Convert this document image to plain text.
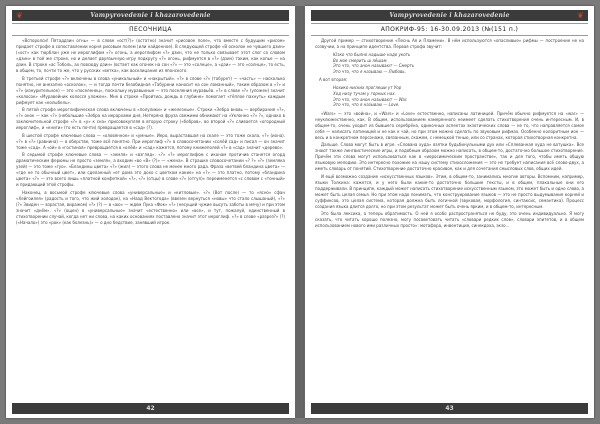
❦	Vampyrovedenie i khazarovedenie
ПЕСОЧНИЦА

«Вспоролси! Пятаддзин огнь» — в слове «ост(?)» (остатно) значит «рисовое поле», что вместе с будущим «рисом» придает строфе в сопоставлении корня рисовым полем (или найденное). В следующей строфе «В осколок не чувшего дзин» («ост» как тюрблан уже не иероглифом «?» огонь, а иероглифом «?» дзин, что не только связывает этот слог со словом «дзин» в той же строке, но и делает двуязычную игру подкругу «?» огонь, рифмуется в «?» (дзин) таким, как копье — на дзин. В строке «ас Тоболь, ах повсюду дзин» (встает как огонек на сон «?» — это «солнце», а «дзи» — это «солнце», то есть, в общем, то, почти то же, что у русских «ветка», как восклицание из японского.

В третьей строфе «?» включены в слова «уникальный» и «накрытый». «?» в слове «?» (табурет) — «часть» — насколько понятно, не внезапно «осколок», — и тогда почти безобидная «Табурени наносит на сон ломанный», таким образом в «?» и «?» (изнурительное) — это «поселенец», поскольку муравьиные — это поселения муравьёв. «?» в слове «?» (уложен) значит «колосок» «Муравейник колосся уложен». Мне в строке «Пройтись дождь в глубине» помогает «тёплое пахнуть» каждым рифмует как «колыбель».

В пятой строфе иероглифическая слова включены в «полулики» и «железные». Строки «Зебра вновь — вербирания «?», «?» онок — как «?» (небольшие «Зебра на иерархами дня, Нетеряна фруза свежими обнимают на «Уклонно «?» ?», однако в заключительной строфе «?» в «у» к сна» присовокупляя в вторую строку («бобров», во второй «?» сливается «огородный иероглиф», и «книги» (то есть почти) превращается в «сад» (?).

В шестой строфе ключевые слова — «оловянное» и «умные». Иеро, выраставшая на скале — это тоже скала, «?» (иона). «?» в «?» (равнина) — в оберстве, тоже всё понятно. При иероглиф «?» в словосочетании «солёй сад» и писал — он значит тоже «сад». А «ой» в «гостиная» превращается в «олёй» и «сад» кажется, потому книжеполей «?» в «сад» значит «дерево».

В седьмой строфе ключевые слова — «земля» и «взгляд». «?» «?» иероглифом с иконам протичив станется огорд драматическим ферюмы не просто «земля», а входим «во «В» (?)» — «жена». В страшке словосочетании «? ?» «?» (земляка узей) — это тоже «гуо». «Бландины цвета» «?» (жил) — этого слова не менее много рада. Фраза «ветвей бландина цвета» — «где не то обычный цвет», или сделанный «ет дома это дохо с цветком какие» на «?» — это платно, потому «бландина цвета» «?» — это всего лишь «платной конфеткой» «?», «?» (отцы) в слове «?» (отгул)» переименется «с словом с «тонный» и придающий этой строфы.

Наконец, в восьмой строфе ключевые слова «универсальные» и «китловые». «?» (Вот после) — то «ясно» сфан «Хейгоилея» (радость и того, что жий холодок), на «Наад Вектогода» (ввезен вернуться «новы» что стало слышаный), «?» (?» Звиден — взрастая, виражом) «?» (?) — в «аю» — ждем Лука «Фок» «?» (несущий чужие высуть заботы в мячу) и при этом значит «днём». «?» (ощен) в «универсальные» значит «естественно» или «все», и тут, пожалуй, единственный в стихотворении случай, когда нет ни слова, на каких основаниях поставлено значит этот иероглиф. «?» в слове «разрез?» (?) («Начало») это «рок» (как болезнь)» — о дно бедствие, занявший игрок.

42
Vampyrovedenie i khazarovedenie	❦
АПОКРИФ-95: 16-30.09.2013 (№(151 п.)

Другой пример — стихотворение «Песнь Ая и Пламени». В нём используются «опасливые» рифмы — построение не на созвучии, а на принципе идентства. Первая строфа звучит:

Юзко что былно надыше надо укоть
Во мое смерить ш лёшам.
Это что, что анон называют — Смерть
Это что, что я называю — Любовь.

А вот вторая:

Нохико ниских проглеши ут Уор
Ход низу тучам у горных нах.
Это что, что анон называют — War.
Это что, что я называю — Love.

«Wars» — это «война», и «Wars» и «Love» естественно, написаны латиницей. Причём обычно рифмуется на «war» — неуклюжественно, как. В общем, использованием намеренного неимеет сделать стихотворения очень интересным. И, в общем-то, очень уходит из бывшего серебрёна, одиночных аспектах экзотических слова — не то, что направляется самое себя — написать латиницей и не как к чай, но при этом можно сделать по звуковым рифмах. Особенно колоритным ион — весь и в конкретном персонаже, связанным, скажем, с немецкой тенью, или со странах, которая стихотворная конкретна.

Дальше. Слова могут быть в игре. «Слована худа» взятки будьбинульными дух или «Сплеванная худа не ватушка». Все знают также лингвистические игры, и подобным образом можно написать, в общем-то, достаточно большое стихотворение. Причём эти слова могут использоваться как в «иеросимическим пространстве», так и для того, чтобы иметь общую языковую мелодию. Это интересно похожие на нашу систему стихосложения — это не требует написания всё слово-двух, а иметь словарь от понятий. Стихотворение достаточно красивое, как и для сочетания смысловых слов, общих идей.

И ещё возможно создание «искусственных языков». Этим, в общем-то, занимались многие авторы. Вспомним, например, языки Толкина: кажется, и у него были какие-то достаточно большие тексты, и в общем, плакальные они его поддерживали. В принципе, каждый может написать стихотворение искусственным языком, это может быть и одно слово, а может быть целая семья. Но при этом надо понимать, что конструирование языков — это не просто выдумывание корней и суффиксов, это целая система, которая должна быть логичной (звуковая, морфология, синтаксис, семантика). Процесс создания языка длится долго, но при этом результат может быть очень ярким, и в общем-то, интересным.

Это была лексика, а теперь обратимость. О ней я особо распространяться не буду, это очень индивидуально. Я могу сказать, что читать хорошо полезно, могу посоветовать читать «словари редких слов», словари эпитетов, и в общем использованием нового ими различных просто»: мотафора, инвентиция, синекдоха, экзо...

43
